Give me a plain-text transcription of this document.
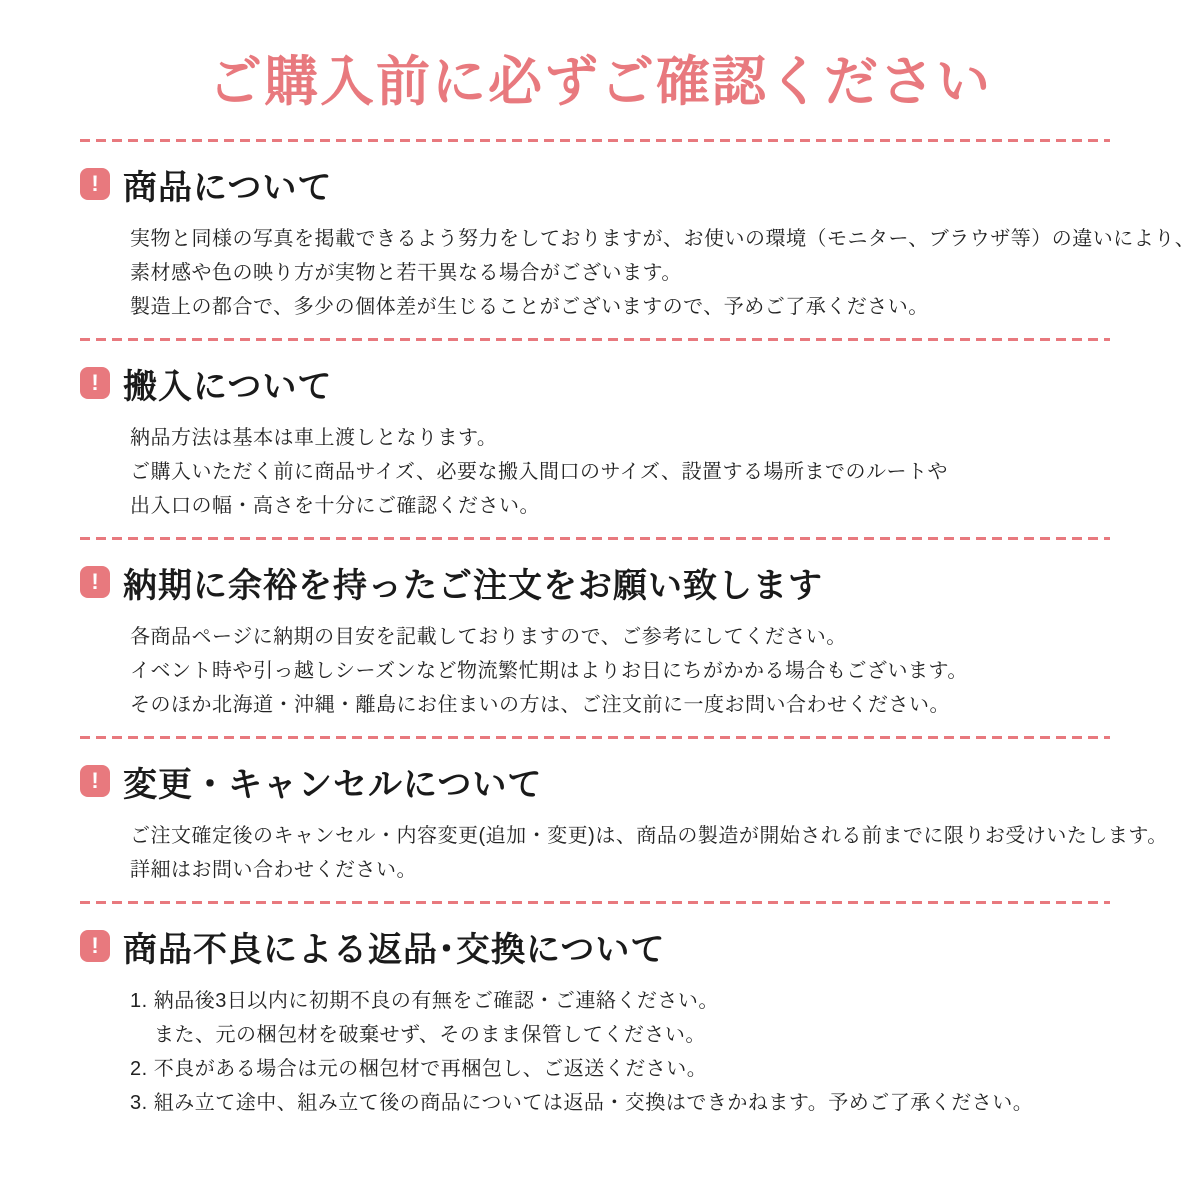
ご購入前に必ずご確認ください
! 商品について

実物と同様の写真を掲載できるよう努力をしておりますが、お使いの環境（モニター、ブラウザ等）の違いにより、

素材感や色の映り方が実物と若干異なる場合がございます。

製造上の都合で、多少の個体差が生じることがございますので、予めご了承ください。

! 搬入について

納品方法は基本は車上渡しとなります。

ご購入いただく前に商品サイズ、必要な搬入間口のサイズ、設置する場所までのルートや

出入口の幅・高さを十分にご確認ください。

! 納期に余裕を持ったご注文をお願い致します

各商品ページに納期の目安を記載しておりますので、ご参考にしてください。

イベント時や引っ越しシーズンなど物流繁忙期はよりお日にちがかかる場合もございます。

そのほか北海道・沖縄・離島にお住まいの方は、ご注文前に一度お問い合わせください。

! 変更・キャンセルについて

ご注文確定後のキャンセル・内容変更(追加・変更)は、商品の製造が開始される前までに限りお受けいたします。

詳細はお問い合わせください。

! 商品不良による返品･交換について

1. 納品後3日以内に初期不良の有無をご確認・ご連絡ください。

また、元の梱包材を破棄せず、そのまま保管してください。

2. 不良がある場合は元の梱包材で再梱包し、ご返送ください。

3. 組み立て途中、組み立て後の商品については返品・交換はできかねます。予めご了承ください。
